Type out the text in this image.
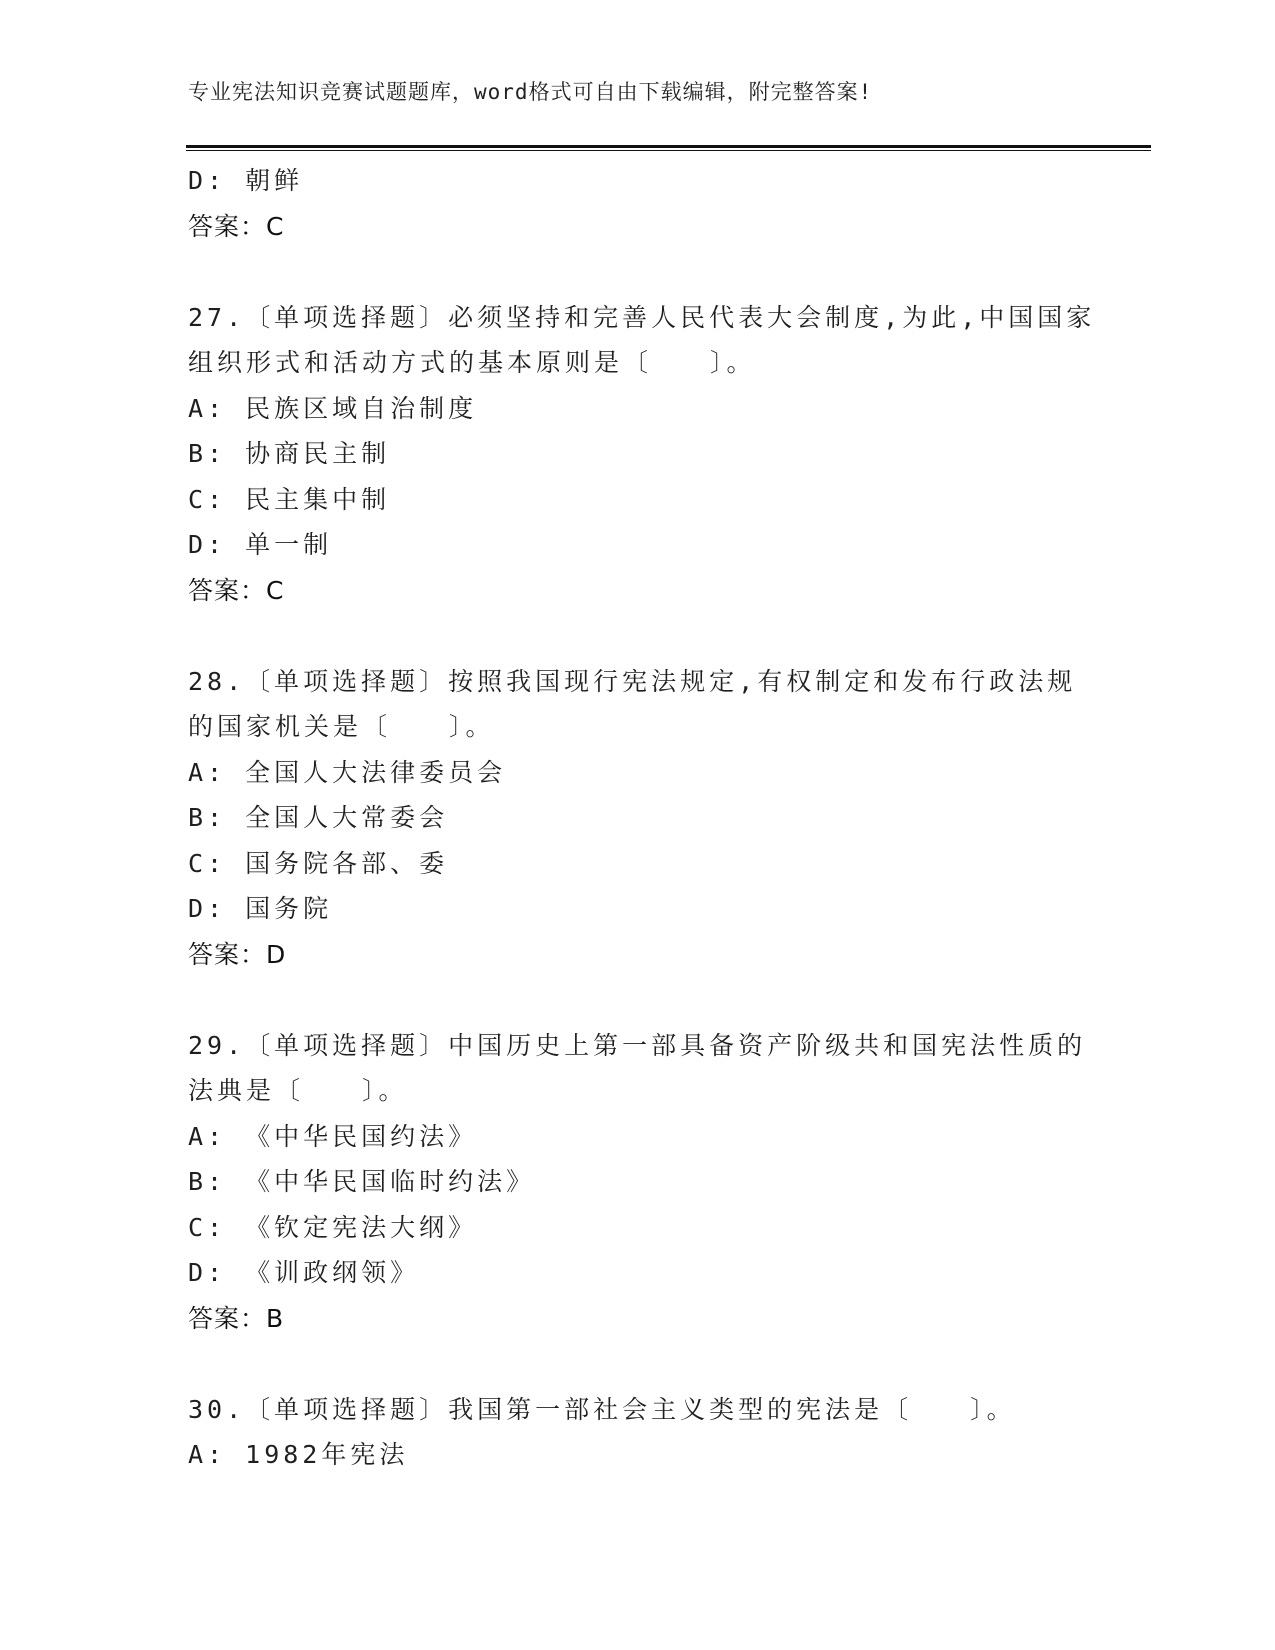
专业宪法知识竞赛试题题库，word格式可自由下载编辑，附完整答案!
D: 朝鲜
答案：C
27.〔单项选择题〕必须坚持和完善人民代表大会制度,为此,中国国家
组织形式和活动方式的基本原则是〔　　〕。
A: 民族区域自治制度
B: 协商民主制
C: 民主集中制
D: 单一制
答案：C
28.〔单项选择题〕按照我国现行宪法规定,有权制定和发布行政法规
的国家机关是〔　　〕。
A: 全国人大法律委员会
B: 全国人大常委会
C: 国务院各部、委
D: 国务院
答案：D
29.〔单项选择题〕中国历史上第一部具备资产阶级共和国宪法性质的
法典是〔　　〕。
A: 《中华民国约法》
B: 《中华民国临时约法》
C: 《钦定宪法大纲》
D: 《训政纲领》
答案：B
30.〔单项选择题〕我国第一部社会主义类型的宪法是〔　　〕。
A: 1982年宪法
